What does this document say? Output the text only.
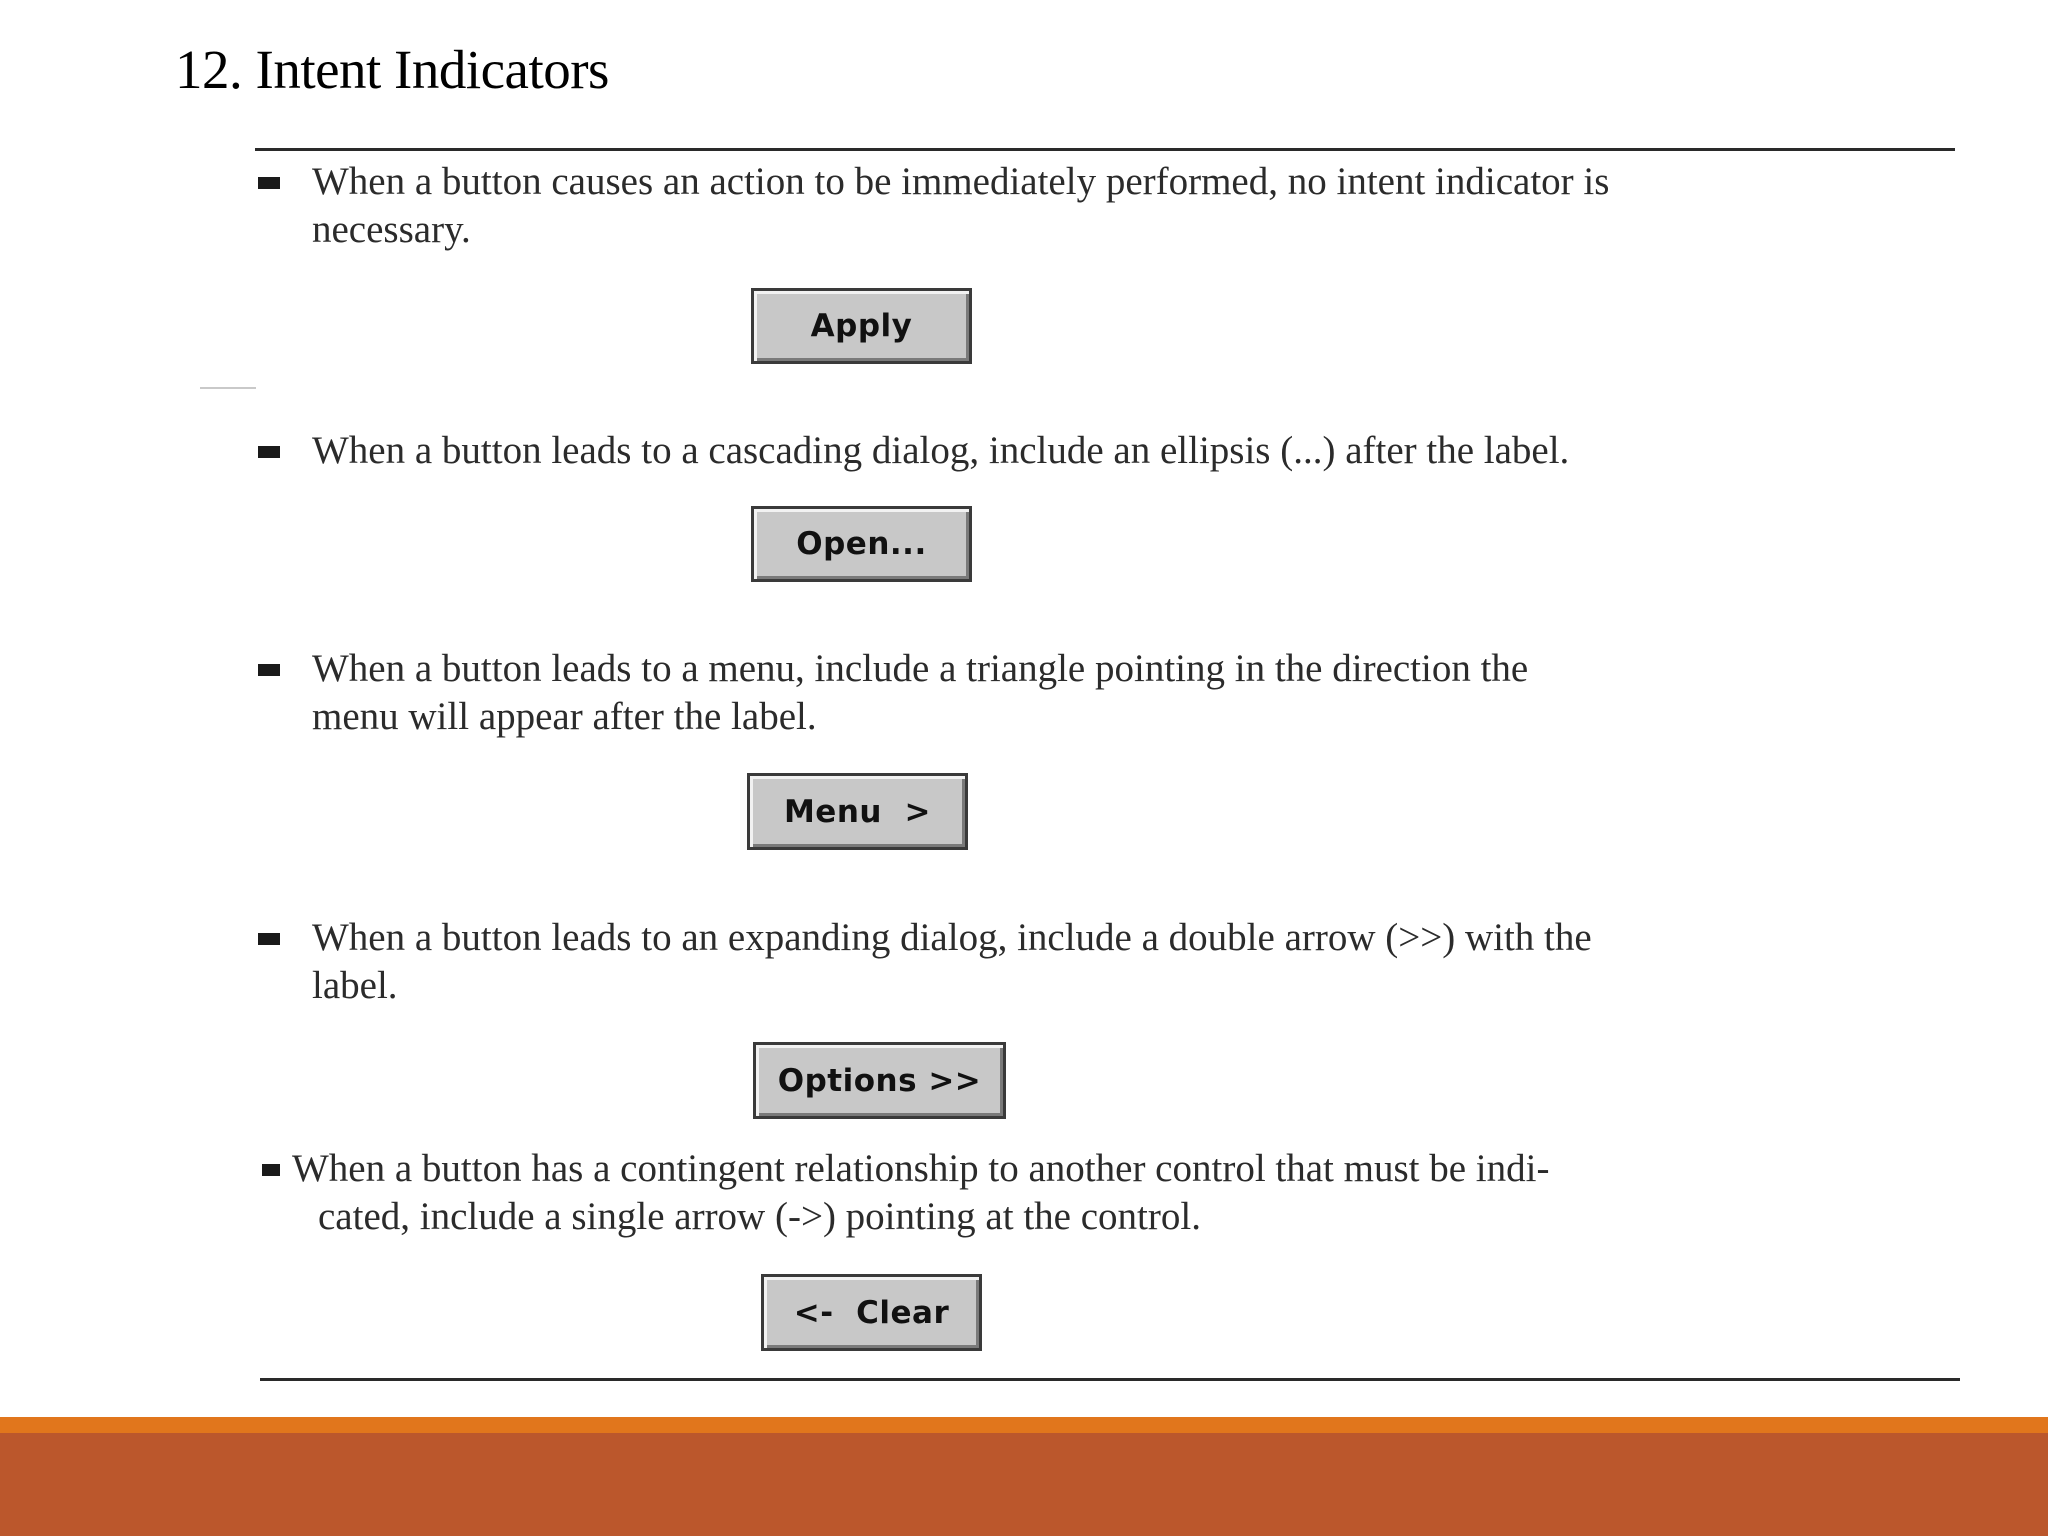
12. Intent Indicators
When a button causes an action to be immediately performed, no intent indicator is
necessary.
Apply
When a button leads to a cascading dialog, include an ellipsis (...) after the label.
Open...
When a button leads to a menu, include a triangle pointing in the direction the
menu will appear after the label.
Menu  >
When a button leads to an expanding dialog, include a double arrow (>>) with the
label.
Options >>
When a button has a contingent relationship to another control that must be indi-
cated, include a single arrow (->) pointing at the control.
<-  Clear
